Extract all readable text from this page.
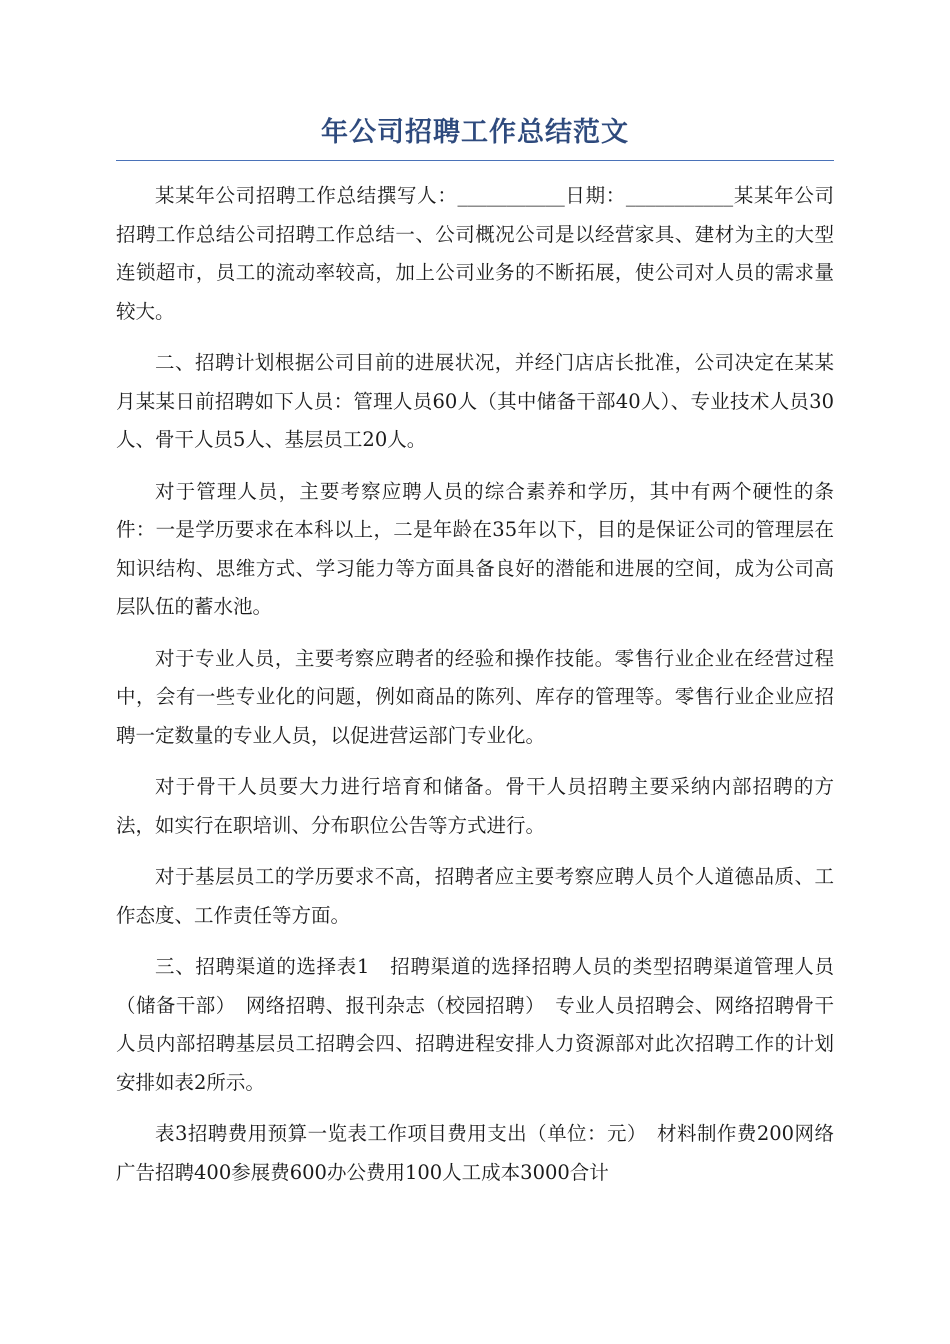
年公司招聘工作总结范文

某某年公司招聘工作总结撰写人：___________日期：___________某某年公司招聘工作总结公司招聘工作总结一、公司概况公司是以经营家具、建材为主的大型连锁超市，员工的流动率较高，加上公司业务的不断拓展，使公司对人员的需求量较大。

二、招聘计划根据公司目前的进展状况，并经门店店长批准，公司决定在某某月某某日前招聘如下人员：管理人员60人（其中储备干部40人）、专业技术人员30人、骨干人员5人、基层员工20人。

对于管理人员，主要考察应聘人员的综合素养和学历，其中有两个硬性的条件：一是学历要求在本科以上，二是年龄在35年以下，目的是保证公司的管理层在知识结构、思维方式、学习能力等方面具备良好的潜能和进展的空间，成为公司高层队伍的蓄水池。

对于专业人员，主要考察应聘者的经验和操作技能。零售行业企业在经营过程中，会有一些专业化的问题，例如商品的陈列、库存的管理等。零售行业企业应招聘一定数量的专业人员，以促进营运部门专业化。

对于骨干人员要大力进行培育和储备。骨干人员招聘主要采纳内部招聘的方法，如实行在职培训、分布职位公告等方式进行。

对于基层员工的学历要求不高，招聘者应主要考察应聘人员个人道德品质、工作态度、工作责任等方面。

三、招聘渠道的选择表1　招聘渠道的选择招聘人员的类型招聘渠道管理人员（储备干部）　网络招聘、报刊杂志（校园招聘）　专业人员招聘会、网络招聘骨干人员内部招聘基层员工招聘会四、招聘进程安排人力资源部对此次招聘工作的计划安排如表2所示。

表3招聘费用预算一览表工作项目费用支出（单位：元）　材料制作费200网络广告招聘400参展费600办公费用100人工成本3000合计
